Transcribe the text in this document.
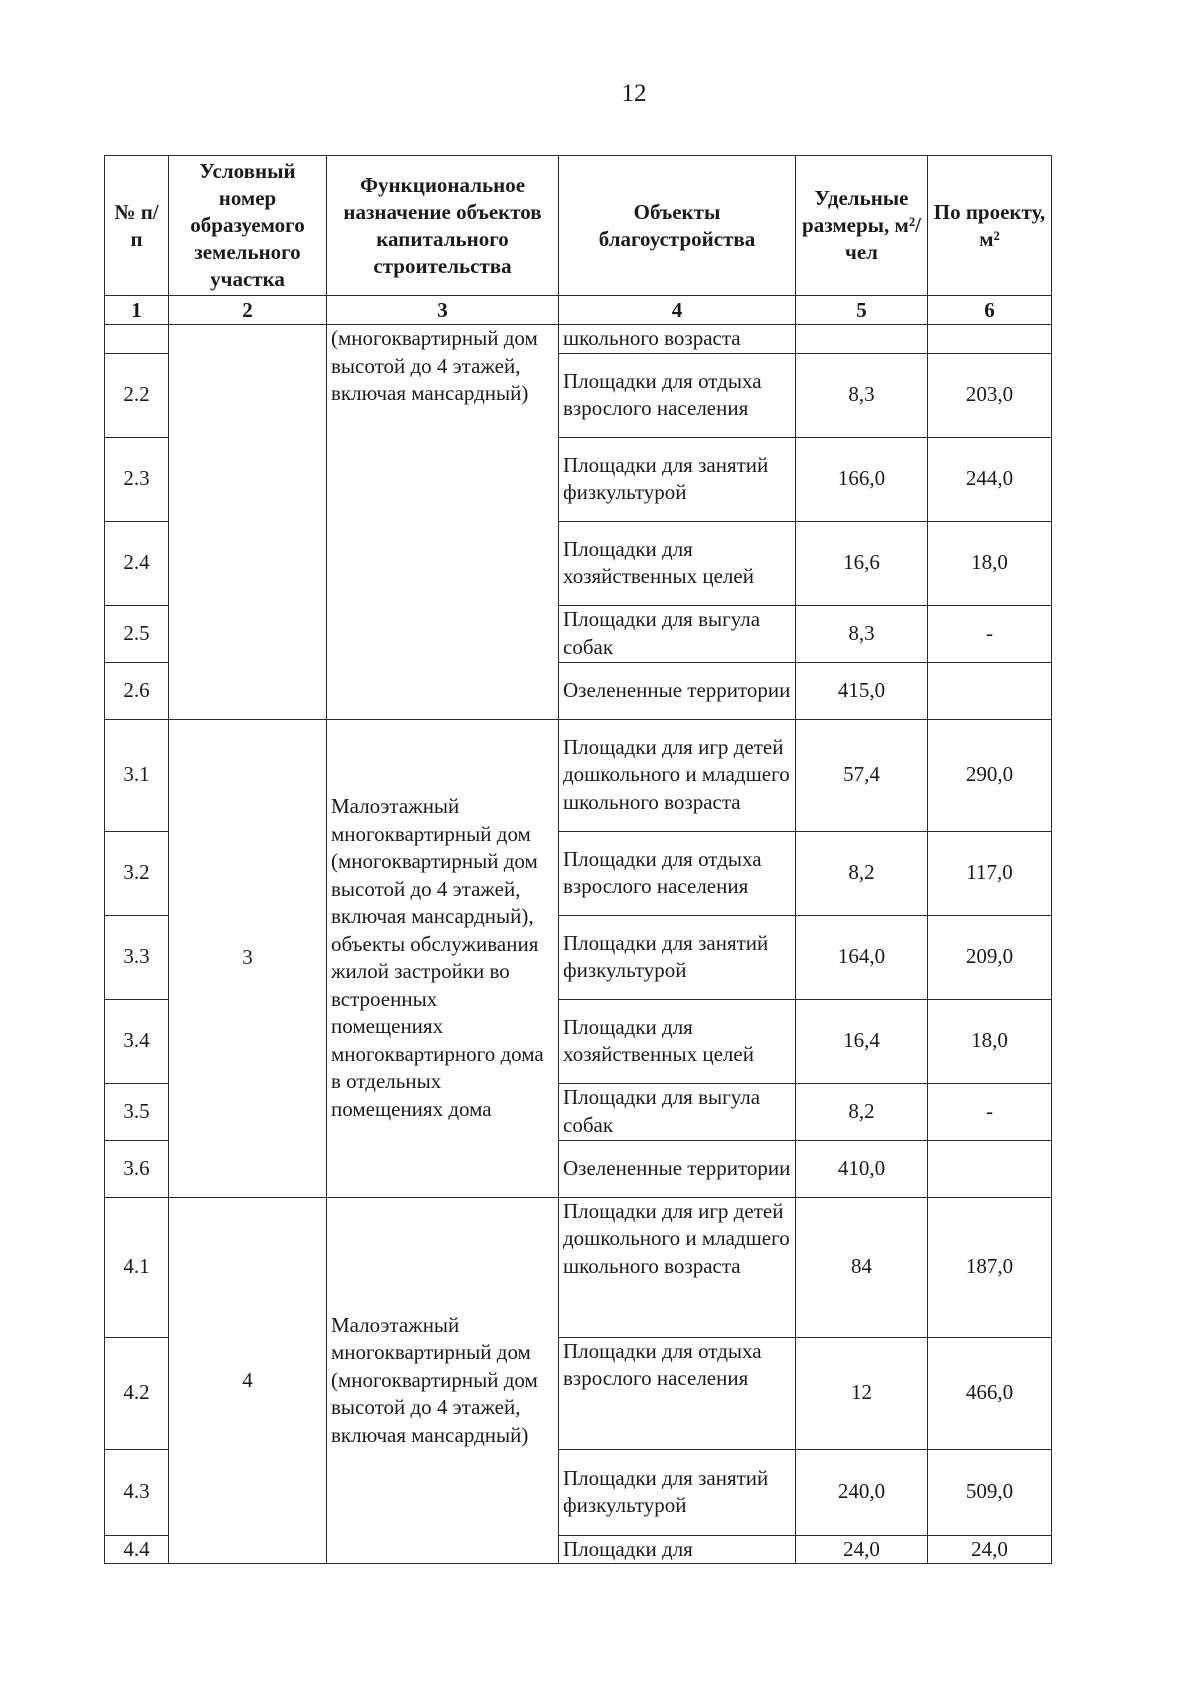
12
№ п/п	Условный номер образуемого земельного участка	Функциональное назначение объектов капитального строительства	Объекты благоустройства	Удельные размеры, м²/чел	По проекту, м²
1	2	3	4	5	6
		(многоквартирный дом высотой до 4 этажей, включая мансардный)	школьного возраста		
2.2			Площадки для отдыха взрослого населения	8,3	203,0
2.3			Площадки для занятий физкультурой	166,0	244,0
2.4			Площадки для хозяйственных целей	16,6	18,0
2.5			Площадки для выгула собак	8,3	-
2.6			Озелененные территории	415,0	
3.1	3	Малоэтажный многоквартирный дом (многоквартирный дом высотой до 4 этажей, включая мансардный), объекты обслуживания жилой застройки во встроенных помещениях многоквартирного дома в отдельных помещениях дома	Площадки для игр детей дошкольного и младшего школьного возраста	57,4	290,0
3.2			Площадки для отдыха взрослого населения	8,2	117,0
3.3			Площадки для занятий физкультурой	164,0	209,0
3.4			Площадки для хозяйственных целей	16,4	18,0
3.5			Площадки для выгула собак	8,2	-
3.6			Озелененные территории	410,0	
4.1	4	Малоэтажный многоквартирный дом (многоквартирный дом высотой до 4 этажей, включая мансардный)	Площадки для игр детей дошкольного и младшего школьного возраста	84	187,0
4.2			Площадки для отдыха взрослого населения	12	466,0
4.3			Площадки для занятий физкультурой	240,0	509,0
4.4			Площадки для	24,0	24,0
